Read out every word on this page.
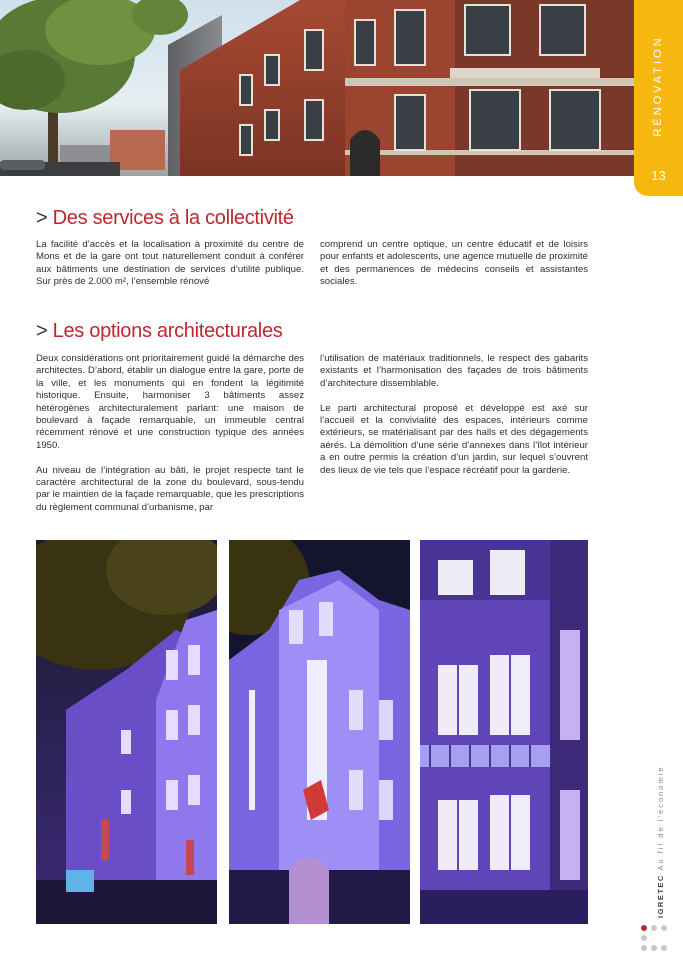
RÉNOVATION
13
> Des services à la collectivité

La facilité d’accès et la localisation à proximité du centre de Mons et de la gare ont tout naturellement conduit à conférer aux bâtiments une destination de services d’utilité publique. Sur près de 2.000 m², l’ensemble rénové

comprend un centre optique, un centre éducatif et de loisirs pour enfants et adolescents, une agence mutuelle de proximité et des permanences de médecins conseils et assistantes sociales.

> Les options architecturales

Deux considérations ont prioritairement guidé la démarche des architectes. D’abord, établir un dialogue entre la gare, porte de la ville, et les monuments qui en fondent la légitimité historique. Ensuite, harmoniser 3 bâtiments assez hétérogènes architecturalement parlant: une maison de boulevard à façade remarquable, un immeuble central récemment rénové et une construction typique des années 1950.

Au niveau de l’intégration au bâti, le projet respecte tant le caractère architectural de la zone du boulevard, sous-tendu par le maintien de la façade remarquable, que les prescriptions du règlement communal d’urbanisme, par

l’utilisation de matériaux traditionnels, le respect des gabarits existants et l’harmonisation des façades de trois bâtiments d’architecture dissemblable.

Le parti architectural proposé et développé est axé sur l’accueil et la convivialité des espaces, intérieurs comme extérieurs, se matérialisant par des halls et des dégagements aérés. La démolition d’une série d’annexes dans l’îlot intérieur a en outre permis la création d’un jardin, sur lequel s’ouvrent des lieux de vie tels que l’espace récréatif pour la garderie.

IGRETEC Au fil de l’économie
